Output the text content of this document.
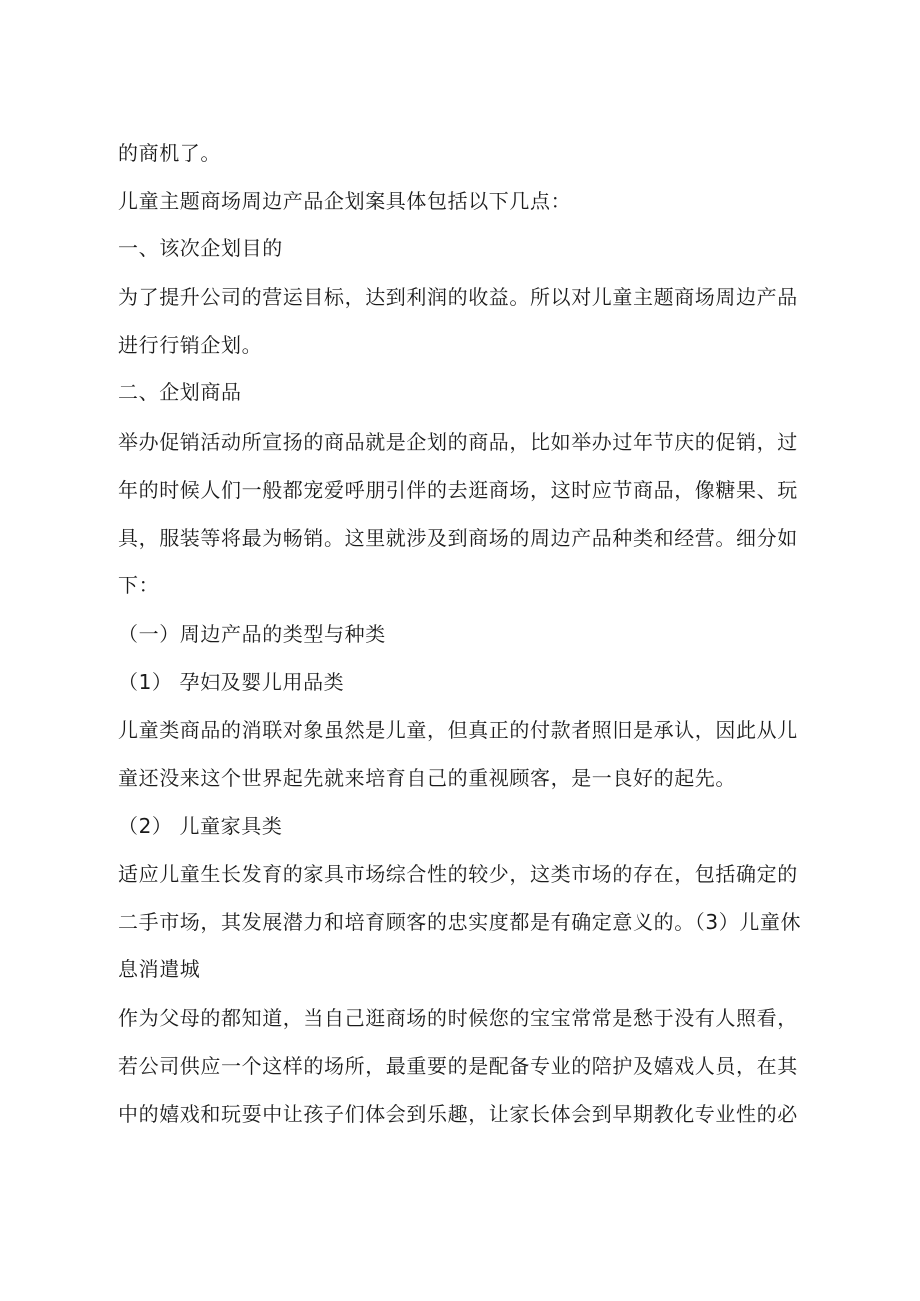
的商机了。
儿童主题商场周边产品企划案具体包括以下几点：
一、该次企划目的
为了提升公司的营运目标，达到利润的收益。所以对儿童主题商场周边产品
进行行销企划。
二、企划商品
举办促销活动所宣扬的商品就是企划的商品，比如举办过年节庆的促销，过
年的时候人们一般都宠爱呼朋引伴的去逛商场，这时应节商品，像糖果、玩
具，服装等将最为畅销。这里就涉及到商场的周边产品种类和经营。细分如
下：
（一）周边产品的类型与种类
（1） 孕妇及婴儿用品类
儿童类商品的消联对象虽然是儿童，但真正的付款者照旧是承认，因此从儿
童还没来这个世界起先就来培育自己的重视顾客，是一良好的起先。
（2） 儿童家具类
适应儿童生长发育的家具市场综合性的较少，这类市场的存在，包括确定的
二手市场，其发展潜力和培育顾客的忠实度都是有确定意义的。（3）儿童休
息消遣城
作为父母的都知道，当自己逛商场的时候您的宝宝常常是愁于没有人照看，
若公司供应一个这样的场所，最重要的是配备专业的陪护及嬉戏人员，在其
中的嬉戏和玩耍中让孩子们体会到乐趣，让家长体会到早期教化专业性的必
